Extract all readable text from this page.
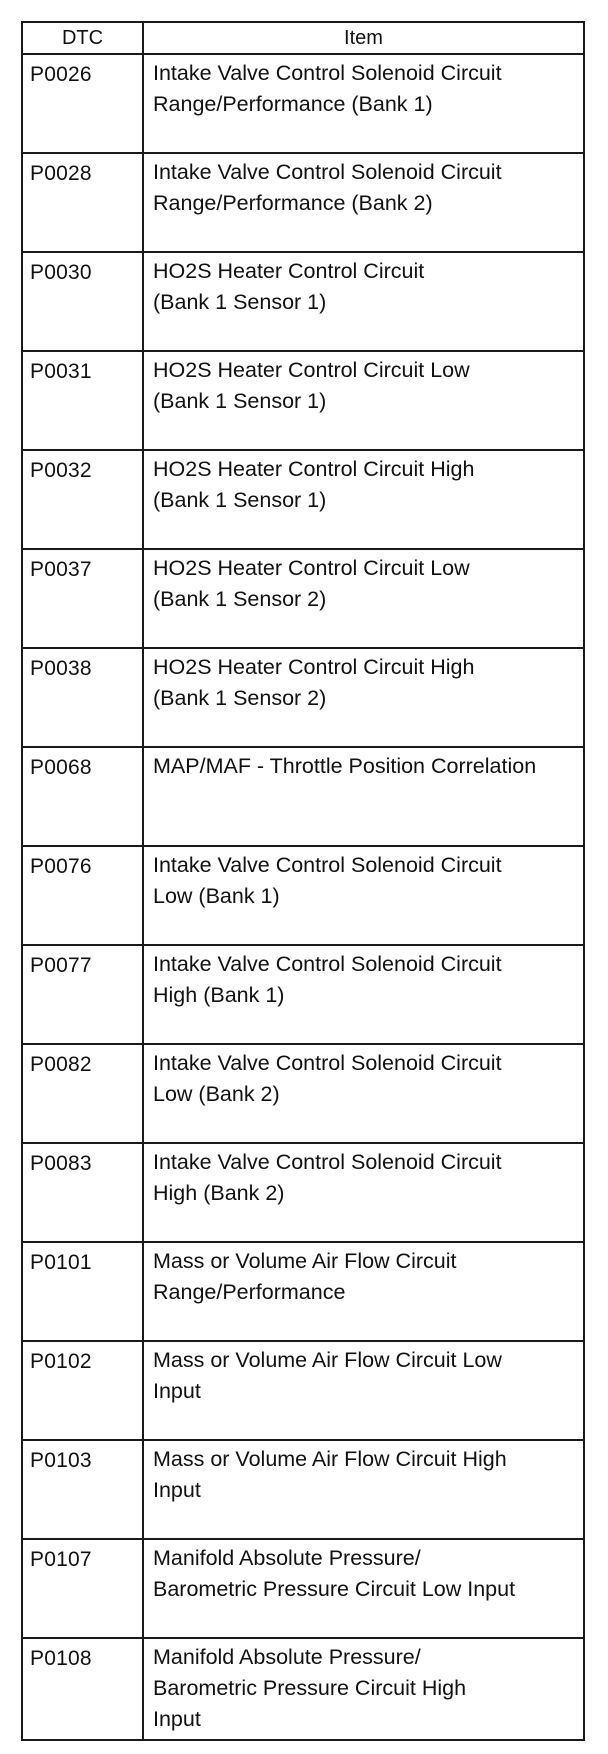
DTC	Item
P0026	Intake Valve Control Solenoid Circuit
Range/Performance (Bank 1)

P0028	Intake Valve Control Solenoid Circuit
Range/Performance (Bank 2)

P0030	HO2S Heater Control Circuit
(Bank 1 Sensor 1)

P0031	HO2S Heater Control Circuit Low
(Bank 1 Sensor 1)

P0032	HO2S Heater Control Circuit High
(Bank 1 Sensor 1)

P0037	HO2S Heater Control Circuit Low
(Bank 1 Sensor 2)

P0038	HO2S Heater Control Circuit High
(Bank 1 Sensor 2)

P0068	MAP/MAF - Throttle Position Correlation

P0076	Intake Valve Control Solenoid Circuit
Low (Bank 1)

P0077	Intake Valve Control Solenoid Circuit
High (Bank 1)

P0082	Intake Valve Control Solenoid Circuit
Low (Bank 2)

P0083	Intake Valve Control Solenoid Circuit
High (Bank 2)

P0101	Mass or Volume Air Flow Circuit
Range/Performance

P0102	Mass or Volume Air Flow Circuit Low
Input

P0103	Mass or Volume Air Flow Circuit High
Input

P0107	Manifold Absolute Pressure/
Barometric Pressure Circuit Low Input

P0108	Manifold Absolute Pressure/
Barometric Pressure Circuit High
Input
